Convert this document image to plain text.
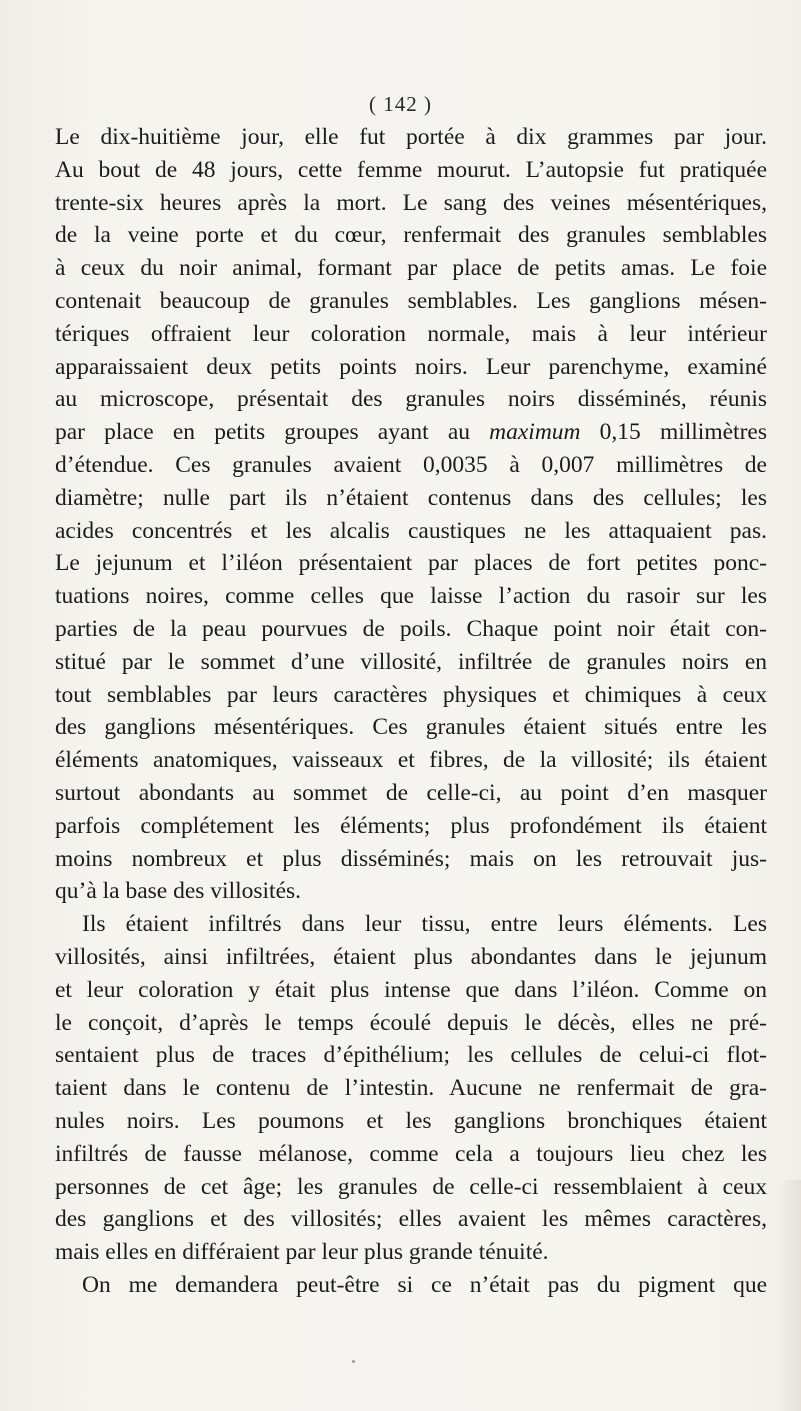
( 142 )
Le dix-huitième jour, elle fut portée à dix grammes par jour.
Au bout de 48 jours, cette femme mourut. L’autopsie fut pratiquée
trente-six heures après la mort. Le sang des veines mésentériques,
de la veine porte et du cœur, renfermait des granules semblables
à ceux du noir animal, formant par place de petits amas. Le foie
contenait beaucoup de granules semblables. Les ganglions mésen-
tériques offraient leur coloration normale, mais à leur intérieur
apparaissaient deux petits points noirs. Leur parenchyme, examiné
au microscope, présentait des granules noirs disséminés, réunis
par place en petits groupes ayant au maximum 0,15 millimètres
d’étendue. Ces granules avaient 0,0035 à 0,007 millimètres de
diamètre; nulle part ils n’étaient contenus dans des cellules; les
acides concentrés et les alcalis caustiques ne les attaquaient pas.
Le jejunum et l’iléon présentaient par places de fort petites ponc-
tuations noires, comme celles que laisse l’action du rasoir sur les
parties de la peau pourvues de poils. Chaque point noir était con-
stitué par le sommet d’une villosité, infiltrée de granules noirs en
tout semblables par leurs caractères physiques et chimiques à ceux
des ganglions mésentériques. Ces granules étaient situés entre les
éléments anatomiques, vaisseaux et fibres, de la villosité; ils étaient
surtout abondants au sommet de celle-ci, au point d’en masquer
parfois complétement les éléments; plus profondément ils étaient
moins nombreux et plus disséminés; mais on les retrouvait jus-
qu’à la base des villosités.
Ils étaient infiltrés dans leur tissu, entre leurs éléments. Les
villosités, ainsi infiltrées, étaient plus abondantes dans le jejunum
et leur coloration y était plus intense que dans l’iléon. Comme on
le conçoit, d’après le temps écoulé depuis le décès, elles ne pré-
sentaient plus de traces d’épithélium; les cellules de celui-ci flot-
taient dans le contenu de l’intestin. Aucune ne renfermait de gra-
nules noirs. Les poumons et les ganglions bronchiques étaient
infiltrés de fausse mélanose, comme cela a toujours lieu chez les
personnes de cet âge; les granules de celle-ci ressemblaient à ceux
des ganglions et des villosités; elles avaient les mêmes caractères,
mais elles en différaient par leur plus grande ténuité.
On me demandera peut-être si ce n’était pas du pigment que
